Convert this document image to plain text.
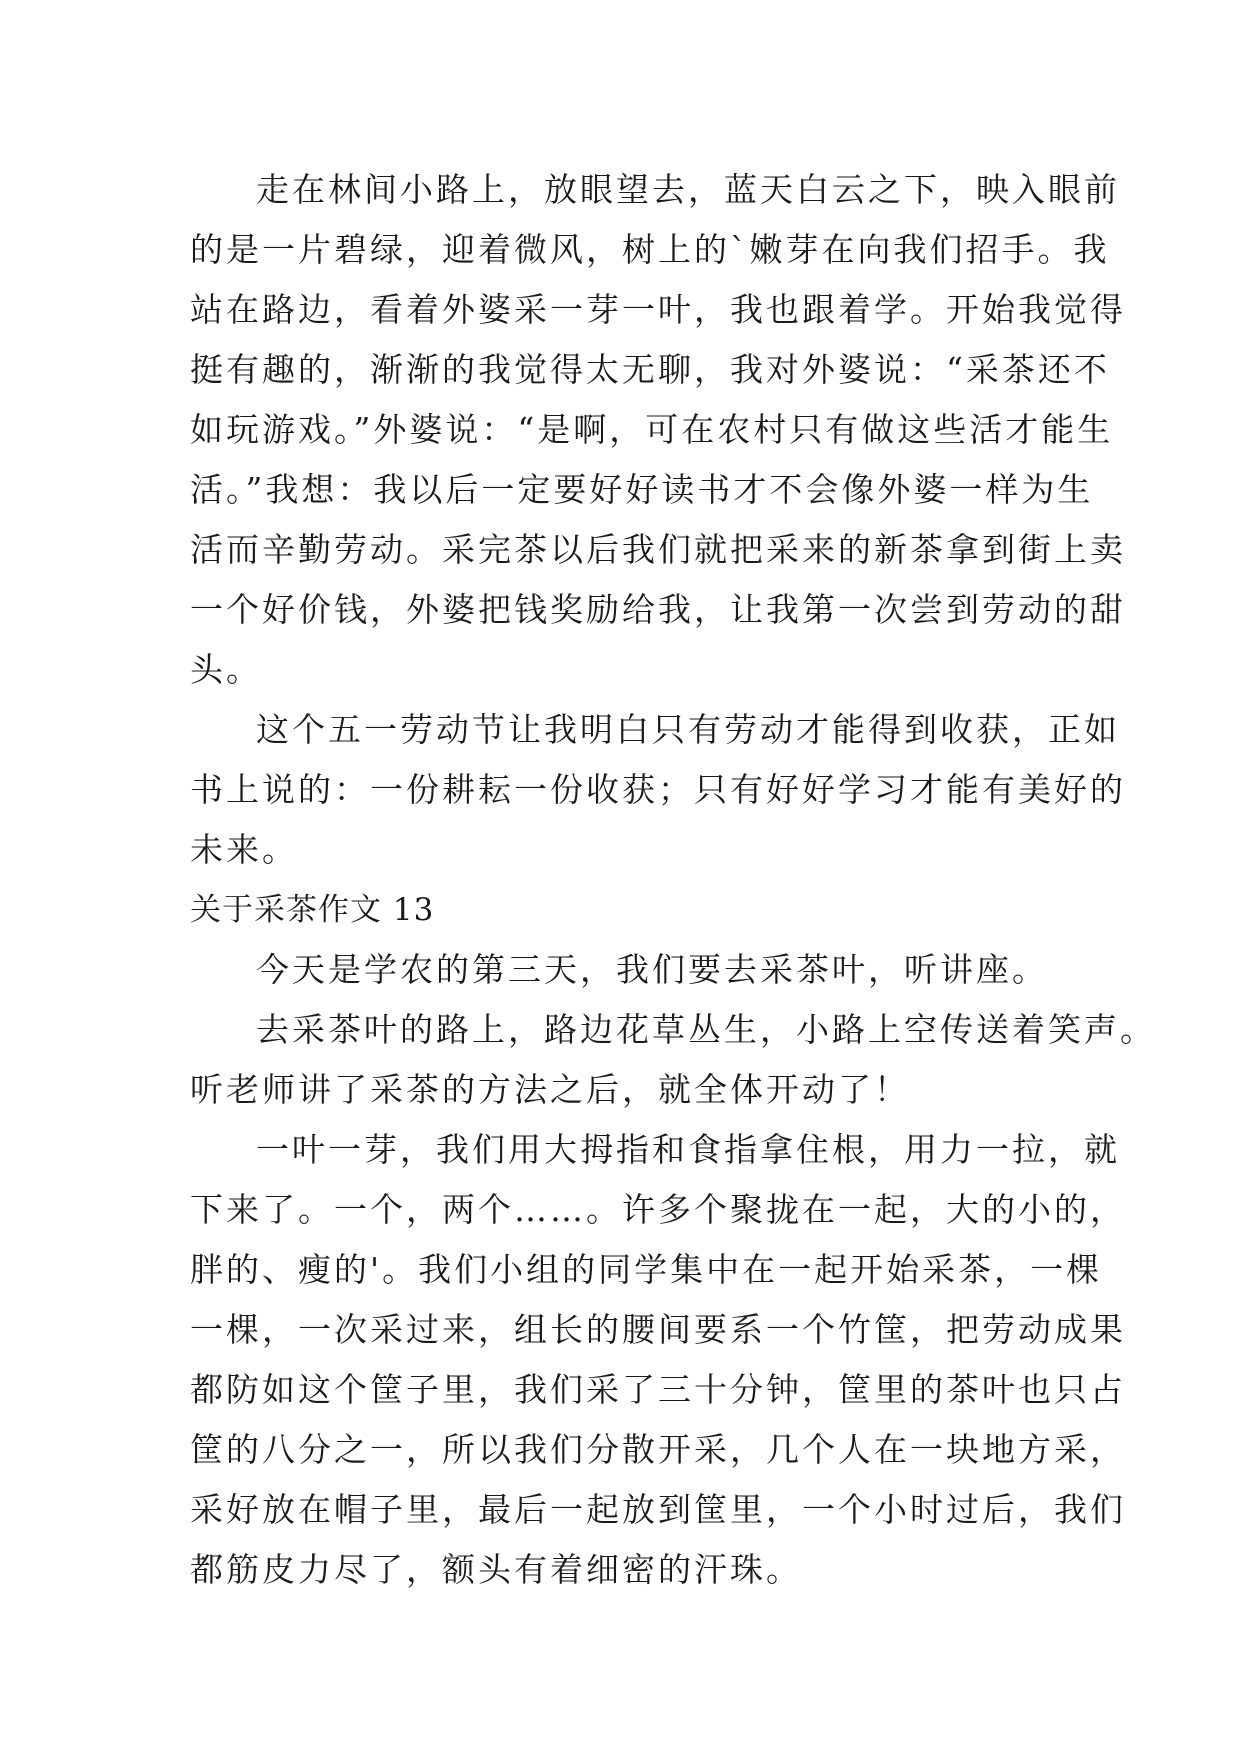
走在林间小路上，放眼望去，蓝天白云之下，映入眼前
的是一片碧绿，迎着微风，树上的`嫩芽在向我们招手。我
站在路边，看着外婆采一芽一叶，我也跟着学。开始我觉得
挺有趣的，渐渐的我觉得太无聊，我对外婆说：“采茶还不
如玩游戏。”外婆说：“是啊，可在农村只有做这些活才能生
活。”我想：我以后一定要好好读书才不会像外婆一样为生
活而辛勤劳动。采完茶以后我们就把采来的新茶拿到街上卖
一个好价钱，外婆把钱奖励给我，让我第一次尝到劳动的甜
头。
这个五一劳动节让我明白只有劳动才能得到收获，正如
书上说的：一份耕耘一份收获；只有好好学习才能有美好的
未来。
关于采茶作文 13
今天是学农的第三天，我们要去采茶叶，听讲座。
去采茶叶的路上，路边花草丛生，小路上空传送着笑声。
听老师讲了采茶的方法之后，就全体开动了！
一叶一芽，我们用大拇指和食指拿住根，用力一拉，就
下来了。一个，两个……。许多个聚拢在一起，大的小的，
胖的、瘦的'。我们小组的同学集中在一起开始采茶，一棵
一棵，一次采过来，组长的腰间要系一个竹筐，把劳动成果
都防如这个筐子里，我们采了三十分钟，筐里的茶叶也只占
筐的八分之一，所以我们分散开采，几个人在一块地方采，
采好放在帽子里，最后一起放到筐里，一个小时过后，我们
都筋皮力尽了，额头有着细密的汗珠。
